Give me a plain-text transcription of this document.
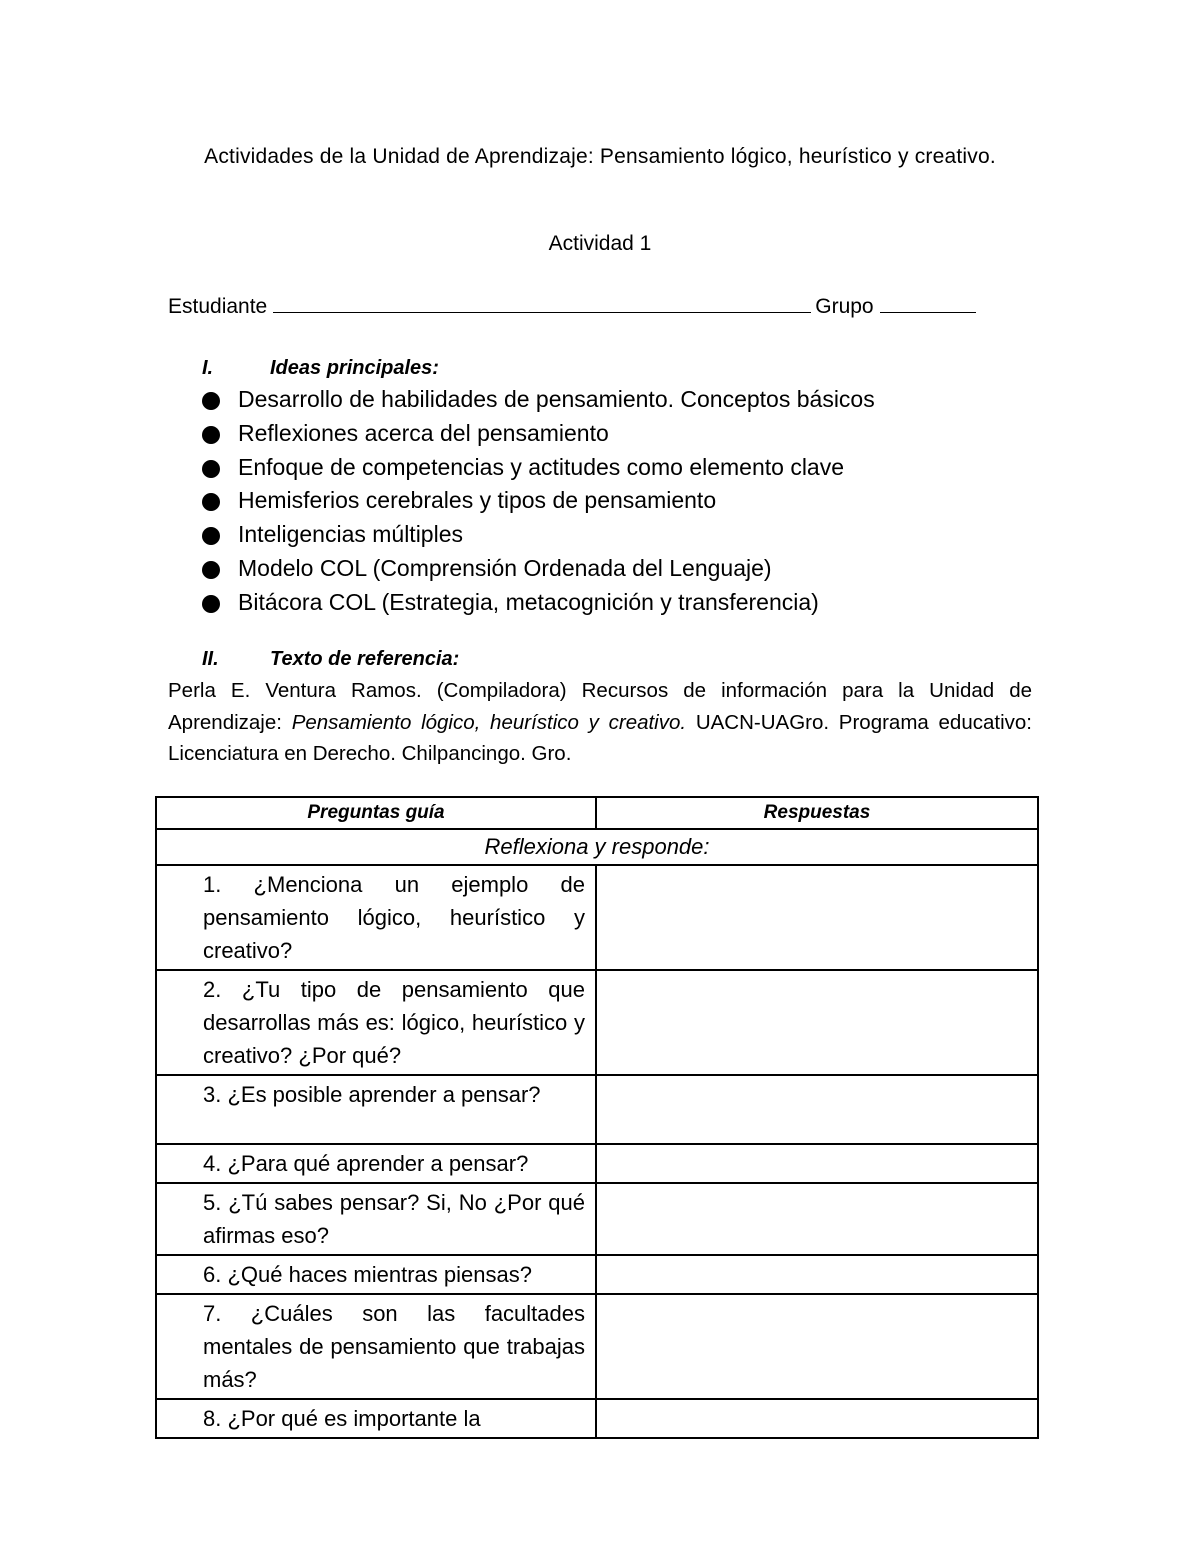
Actividades de la Unidad de Aprendizaje: Pensamiento lógico, heurístico y creativo.
Actividad 1
Estudiante	Grupo
I.	Ideas principales:
Desarrollo de habilidades de pensamiento. Conceptos básicos
Reflexiones acerca del pensamiento
Enfoque de competencias y actitudes como elemento clave
Hemisferios cerebrales y tipos de pensamiento
Inteligencias múltiples
Modelo COL (Comprensión Ordenada del Lenguaje)
Bitácora COL (Estrategia, metacognición y transferencia)
II.	Texto de referencia:

Perla E. Ventura Ramos. (Compiladora) Recursos de información para la Unidad de Aprendizaje: Pensamiento lógico, heurístico y creativo. UACN-UAGro. Programa educativo: Licenciatura en Derecho. Chilpancingo. Gro.

Preguntas guía	Respuestas
Reflexiona y responde:	
1. ¿Menciona un ejemplo de pensamiento lógico, heurístico y creativo?	
2. ¿Tu tipo de pensamiento que desarrollas más es: lógico, heurístico y creativo? ¿Por qué?	
3. ¿Es posible aprender a pensar?	
4. ¿Para qué aprender a pensar?	
5. ¿Tú sabes pensar? Si, No ¿Por qué afirmas eso?	
6. ¿Qué haces mientras piensas?	
7. ¿Cuáles son las facultades mentales de pensamiento que trabajas más?	
8. ¿Por qué es importante la	
